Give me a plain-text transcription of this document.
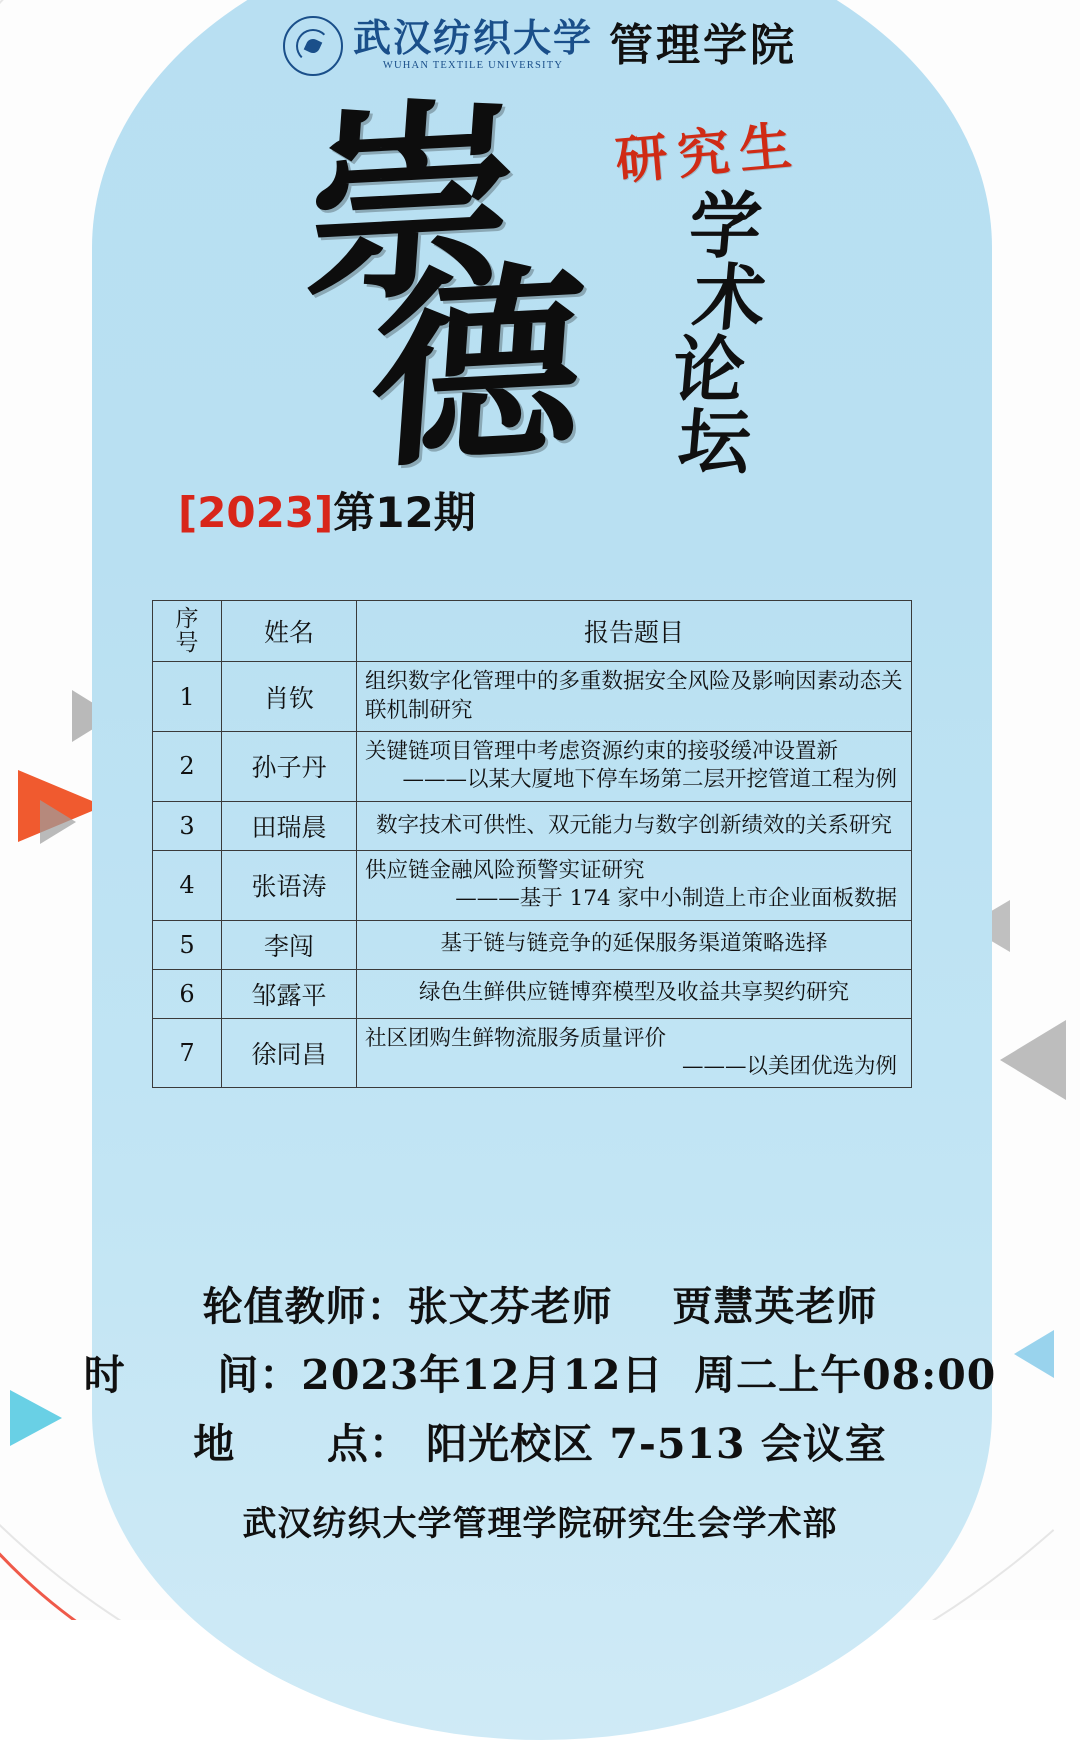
武汉纺织大学
WUHAN TEXTILE UNIVERSITY 管理学院
崇
德
研究生
学
术
论
坛
[2023]第12期
序
号	姓名	报告题目
1	肖钦	组织数字化管理中的多重数据安全风险及影响因素动态关联机制研究
2	孙子丹	关键链项目管理中考虑资源约束的接驳缓冲设置新
———以某大厦地下停车场第二层开挖管道工程为例

3	田瑞晨	数字技术可供性、双元能力与数字创新绩效的关系研究
4	张语涛	供应链金融风险预警实证研究
———基于 174 家中小制造上市企业面板数据

5	李闯	基于链与链竞争的延保服务渠道策略选择
6	邹露平	绿色生鲜供应链博弈模型及收益共享契约研究
7	徐同昌	社区团购生鲜物流服务质量评价
———以美团优选为例
轮值教师：张文芬老师    贾慧英老师
时      间：2023年12月12日  周二上午08:00
地      点： 阳光校区 7-513 会议室
武汉纺织大学管理学院研究生会学术部
